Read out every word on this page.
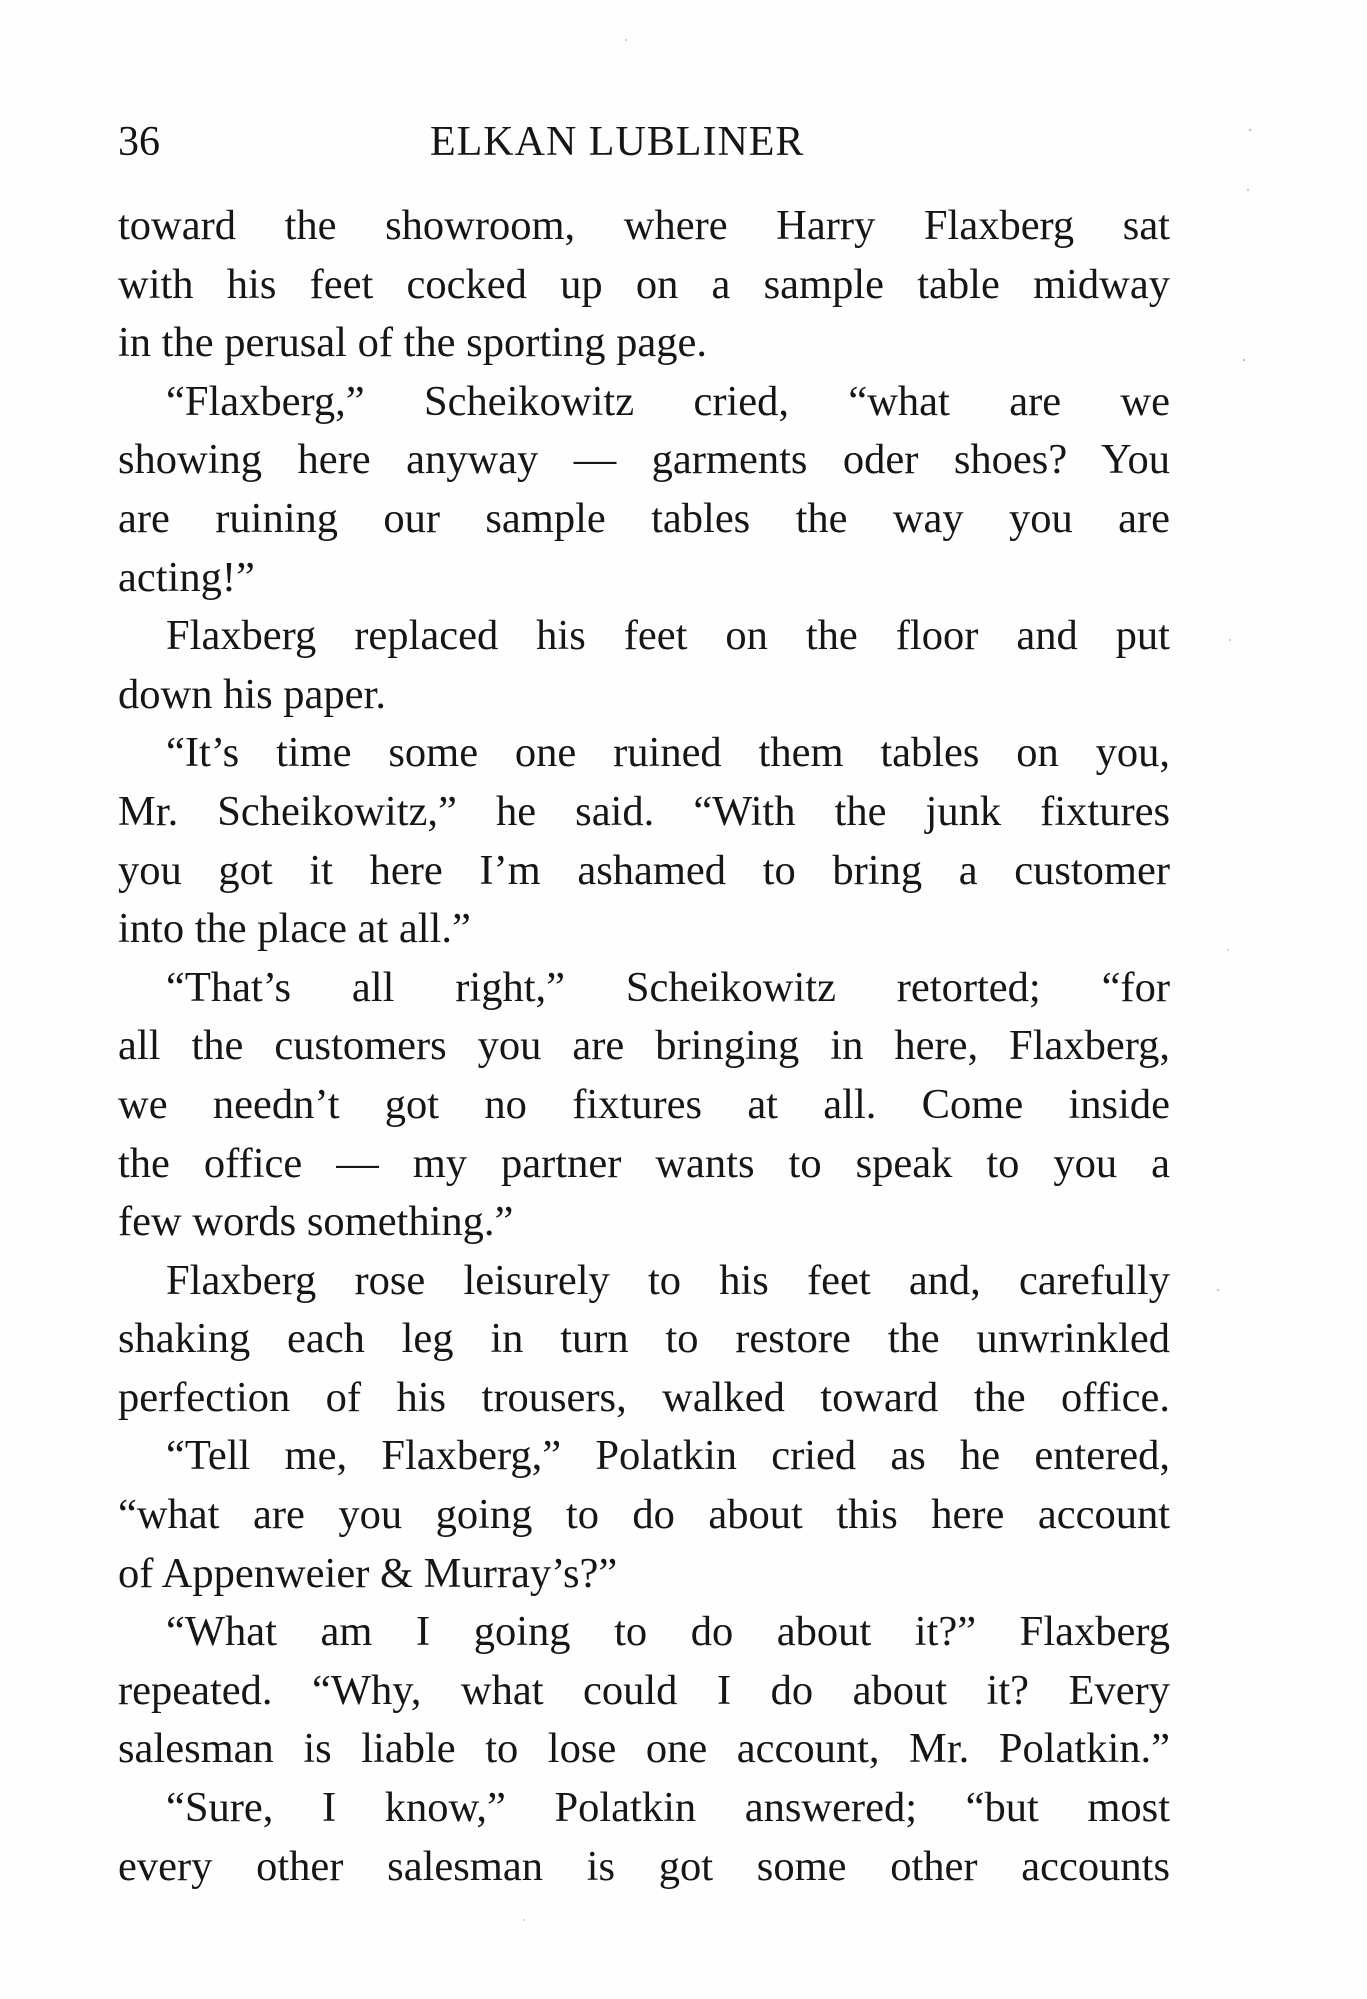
36	ELKAN LUBLINER
toward the showroom, where Harry Flaxberg sat
with his feet cocked up on a sample table midway
in the perusal of the sporting page.
“Flaxberg,” Scheikowitz cried, “what are we
showing here anyway — garments oder shoes? You
are ruining our sample tables the way you are
acting!”
Flaxberg replaced his feet on the floor and put
down his paper.
“It’s time some one ruined them tables on you,
Mr. Scheikowitz,” he said. “With the junk fixtures
you got it here I’m ashamed to bring a customer
into the place at all.”
“That’s all right,” Scheikowitz retorted; “for
all the customers you are bringing in here, Flaxberg,
we needn’t got no fixtures at all. Come inside
the office — my partner wants to speak to you a
few words something.”
Flaxberg rose leisurely to his feet and, carefully
shaking each leg in turn to restore the unwrinkled
perfection of his trousers, walked toward the office.
“Tell me, Flaxberg,” Polatkin cried as he entered,
“what are you going to do about this here account
of Appenweier & Murray’s?”
“What am I going to do about it?” Flaxberg
repeated. “Why, what could I do about it? Every
salesman is liable to lose one account, Mr. Polatkin.”
“Sure, I know,” Polatkin answered; “but most
every other salesman is got some other accounts
